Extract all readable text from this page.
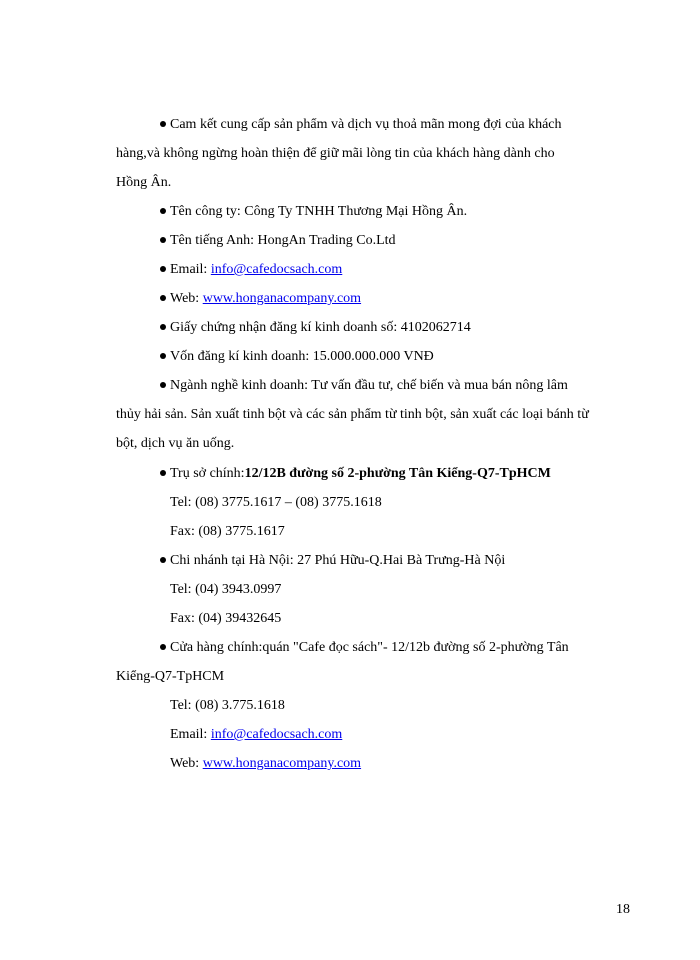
Cam kết cung cấp sản phẩm và dịch vụ thoả mãn mong đợi của khách
hàng,và không ngừng hoàn thiện để giữ mãi lòng tin của khách hàng dành cho
Hồng Ân.
Tên công ty: Công Ty TNHH Thương Mại Hồng Ân.
Tên tiếng Anh: HongAn Trading Co.Ltd
Email: info@cafedocsach.com
Web: www.honganacompany.com
Giấy chứng nhận đăng kí kinh doanh số: 4102062714
Vốn đăng kí kinh doanh: 15.000.000.000 VNĐ
Ngành nghề kinh doanh: Tư vấn đầu tư, chế biến và mua bán nông lâm
thủy hải sản. Sản xuất tinh bột và các sản phẩm từ tinh bột, sản xuất các loại bánh từ
bột, dịch vụ ăn uống.
Trụ sở chính:12/12B đường số 2-phường Tân Kiểng-Q7-TpHCM
Tel: (08) 3775.1617 – (08) 3775.1618
Fax: (08) 3775.1617
Chi nhánh tại Hà Nội: 27 Phú Hữu-Q.Hai Bà Trưng-Hà Nội
Tel: (04) 3943.0997
Fax: (04) 39432645
Cửa hàng chính:quán "Cafe đọc sách"- 12/12b đường số 2-phường Tân
Kiểng-Q7-TpHCM
Tel: (08) 3.775.1618
Email: info@cafedocsach.com
Web: www.honganacompany.com
18
